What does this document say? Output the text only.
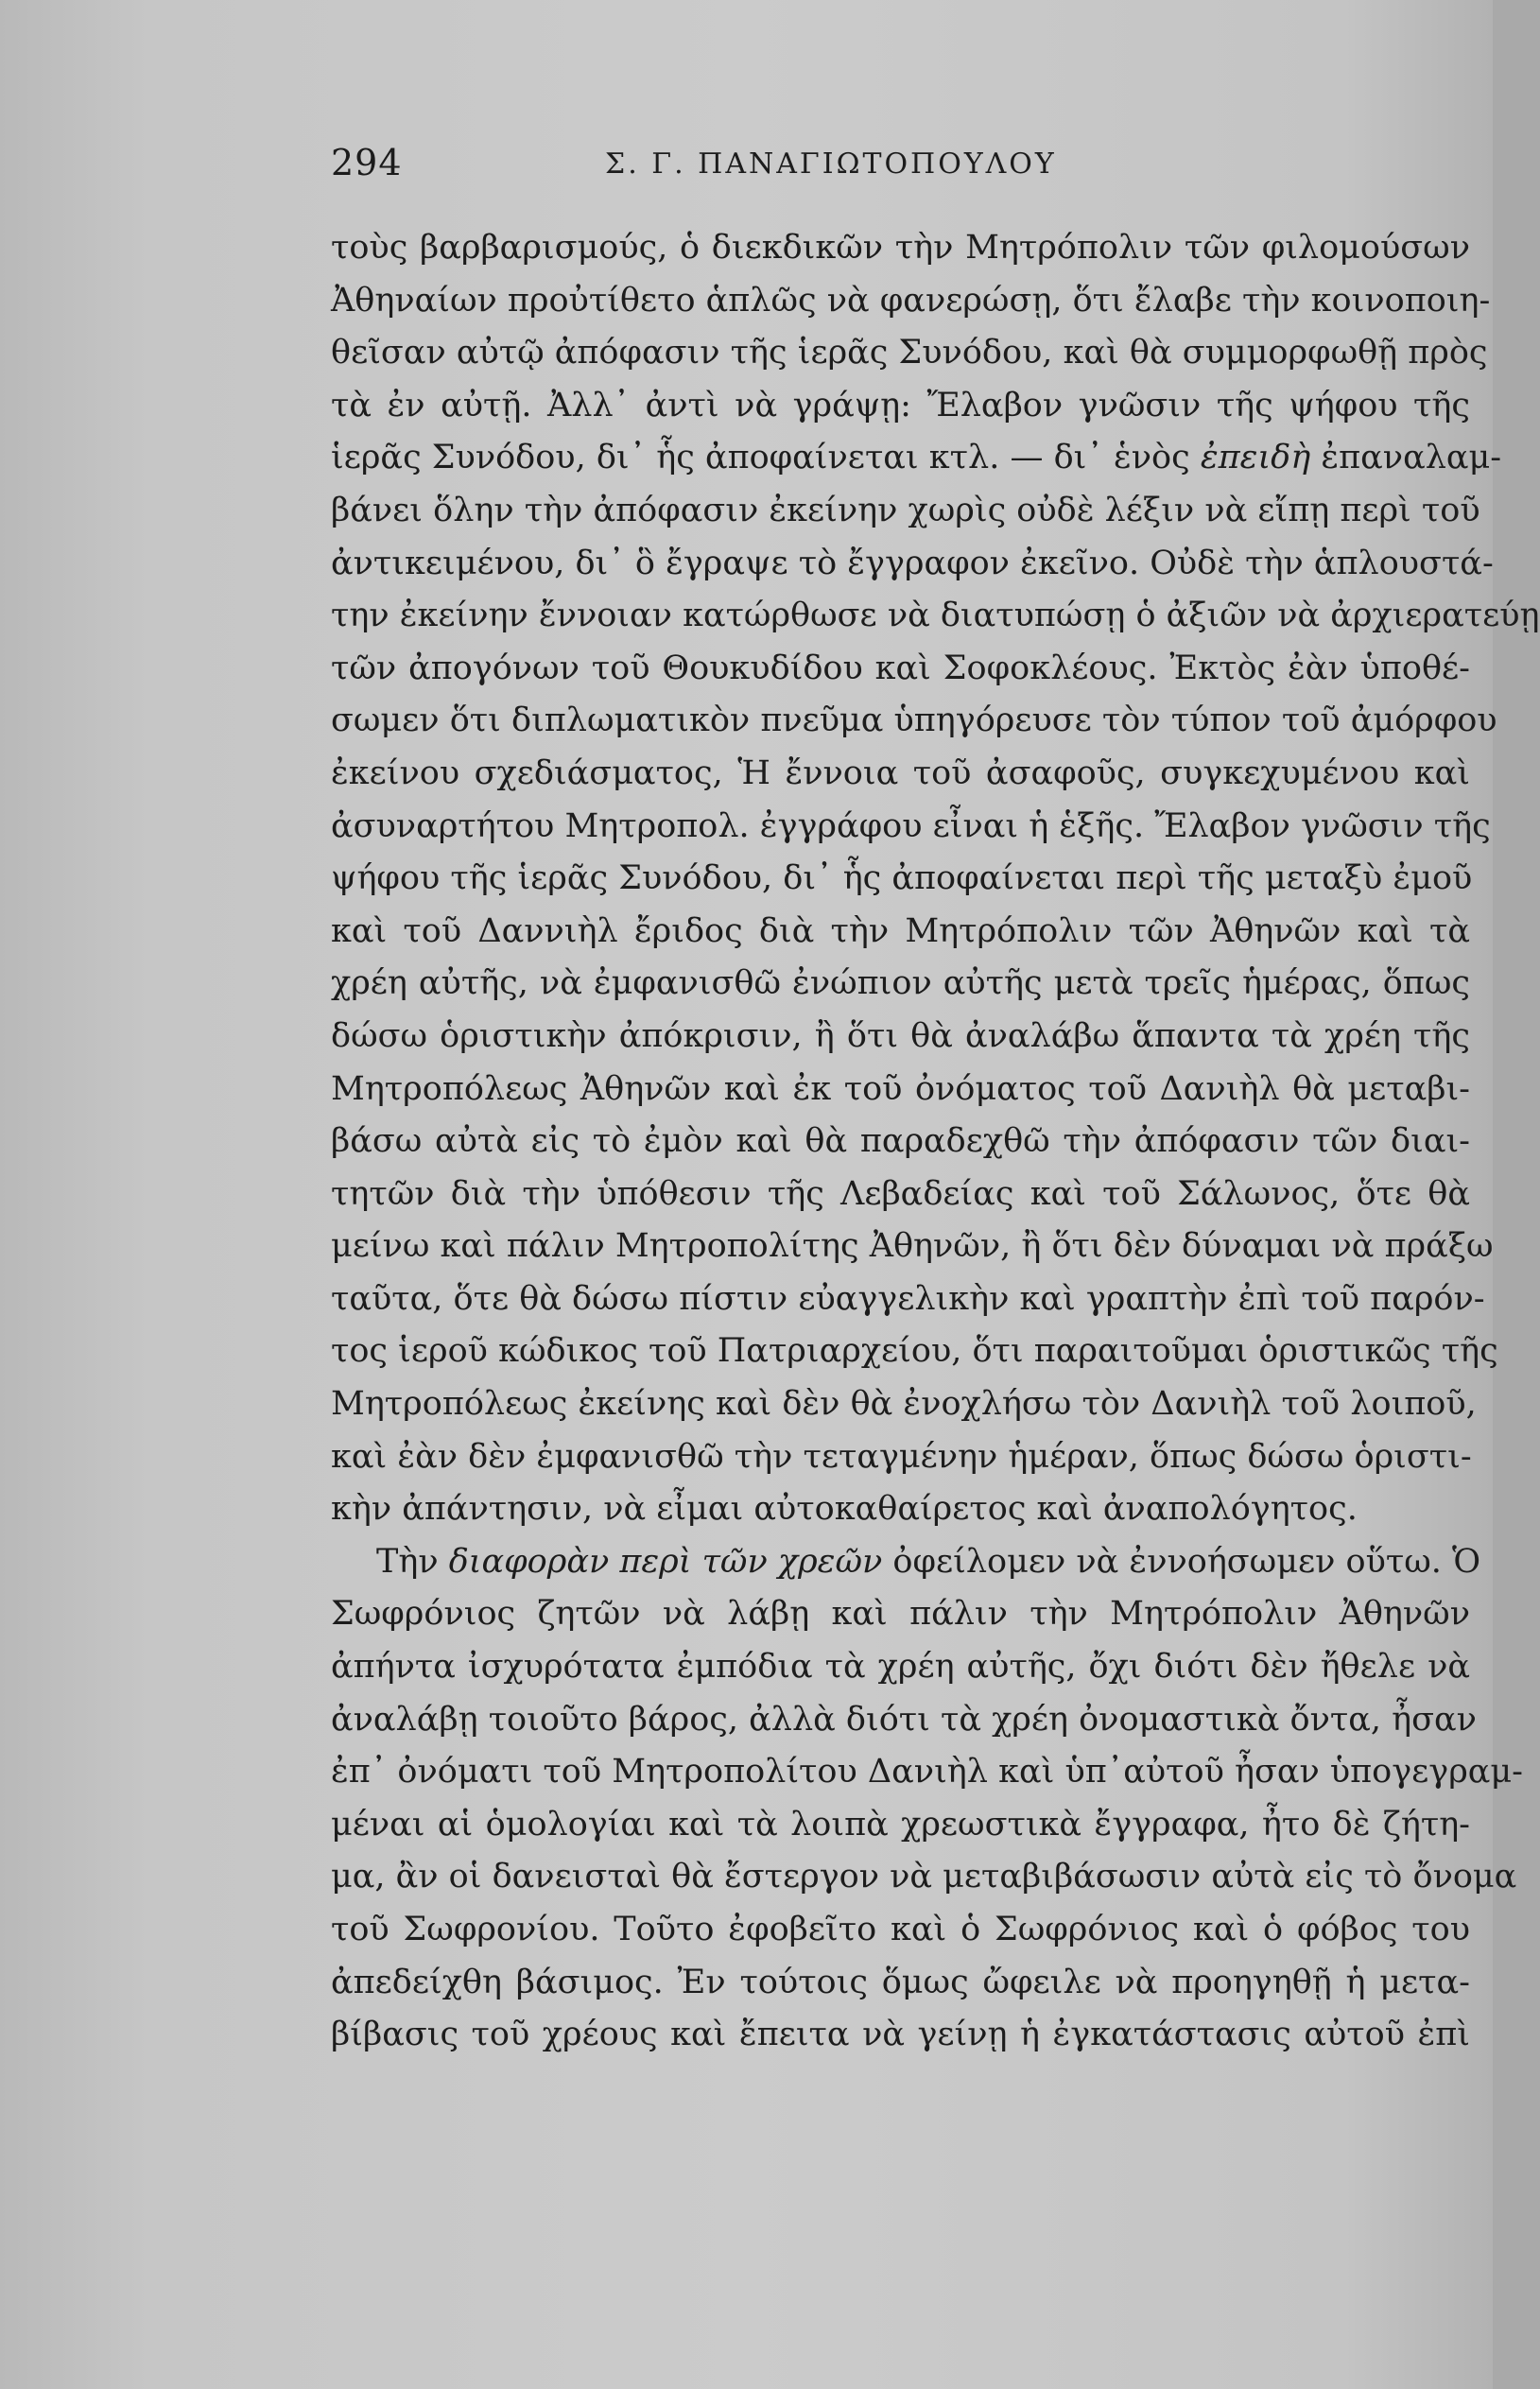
294	Σ. Γ. ΠΑΝΑΓΙΩΤΟΠΟΥΛΟΥ
τοὺς βαρβαρισμούς, ὁ διεκδικῶν τὴν Μητρόπολιν τῶν φιλομούσων
Ἀθηναίων προὐτίθετο ἁπλῶς νὰ φανερώσῃ, ὅτι ἔλαβε τὴν κοινοποιη-
θεῖσαν αὐτῷ ἀπόφασιν τῆς ἱερᾶς Συνόδου, καὶ θὰ συμμορφωθῇ πρὸς
τὰ ἐν αὐτῇ. Ἀλλ᾽ ἀντὶ νὰ γράψῃ: Ἔλαβον γνῶσιν τῆς ψήφου τῆς
ἱερᾶς Συνόδου, δι᾽ ἧς ἀποφαίνεται κτλ. — δι᾽ ἑνὸς ἐπειδὴ ἐπαναλαμ-
βάνει ὅλην τὴν ἀπόφασιν ἐκείνην χωρὶς οὐδὲ λέξιν νὰ εἴπῃ περὶ τοῦ
ἀντικειμένου, δι᾽ ὃ ἔγραψε τὸ ἔγγραφον ἐκεῖνο. Οὐδὲ τὴν ἁπλουστά-
την ἐκείνην ἔννοιαν κατώρθωσε νὰ διατυπώσῃ ὁ ἀξιῶν νὰ ἀρχιερατεύῃ
τῶν ἀπογόνων τοῦ Θουκυδίδου καὶ Σοφοκλέους. Ἐκτὸς ἐὰν ὑποθέ-
σωμεν ὅτι διπλωματικὸν πνεῦμα ὑπηγόρευσε τὸν τύπον τοῦ ἀμόρφου
ἐκείνου σχεδιάσματος, Ἡ ἔννοια τοῦ ἀσαφοῦς, συγκεχυμένου καὶ
ἀσυναρτήτου Μητροπολ. ἐγγράφου εἶναι ἡ ἑξῆς. Ἔλαβον γνῶσιν τῆς
ψήφου τῆς ἱερᾶς Συνόδου, δι᾽ ἧς ἀποφαίνεται περὶ τῆς μεταξὺ ἐμοῦ
καὶ τοῦ Δαννιὴλ ἔριδος διὰ τὴν Μητρόπολιν τῶν Ἀθηνῶν καὶ τὰ
χρέη αὐτῆς, νὰ ἐμφανισθῶ ἐνώπιον αὐτῆς μετὰ τρεῖς ἡμέρας, ὅπως
δώσω ὁριστικὴν ἀπόκρισιν, ἢ ὅτι θὰ ἀναλάβω ἅπαντα τὰ χρέη τῆς
Μητροπόλεως Ἀθηνῶν καὶ ἐκ τοῦ ὀνόματος τοῦ Δανιὴλ θὰ μεταβι-
βάσω αὐτὰ εἰς τὸ ἐμὸν καὶ θὰ παραδεχθῶ τὴν ἀπόφασιν τῶν διαι-
τητῶν διὰ τὴν ὑπόθεσιν τῆς Λεβαδείας καὶ τοῦ Σάλωνος, ὅτε θὰ
μείνω καὶ πάλιν Μητροπολίτης Ἀθηνῶν, ἢ ὅτι δὲν δύναμαι νὰ πράξω
ταῦτα, ὅτε θὰ δώσω πίστιν εὐαγγελικὴν καὶ γραπτὴν ἐπὶ τοῦ παρόν-
τος ἱεροῦ κώδικος τοῦ Πατριαρχείου, ὅτι παραιτοῦμαι ὁριστικῶς τῆς
Μητροπόλεως ἐκείνης καὶ δὲν θὰ ἐνοχλήσω τὸν Δανιὴλ τοῦ λοιποῦ,
καὶ ἐὰν δὲν ἐμφανισθῶ τὴν τεταγμένην ἡμέραν, ὅπως δώσω ὁριστι-
κὴν ἀπάντησιν, νὰ εἶμαι αὐτοκαθαίρετος καὶ ἀναπολόγητος.
Τὴν διαφορὰν περὶ τῶν χρεῶν ὀφείλομεν νὰ ἐννοήσωμεν οὕτω. Ὁ
Σωφρόνιος ζητῶν νὰ λάβῃ καὶ πάλιν τὴν Μητρόπολιν Ἀθηνῶν
ἀπήντα ἰσχυρότατα ἐμπόδια τὰ χρέη αὐτῆς, ὄχι διότι δὲν ἤθελε νὰ
ἀναλάβῃ τοιοῦτο βάρος, ἀλλὰ διότι τὰ χρέη ὀνομαστικὰ ὄντα, ἦσαν
ἐπ᾽ ὀνόματι τοῦ Μητροπολίτου Δανιὴλ καὶ ὑπ᾽αὐτοῦ ἦσαν ὑπογεγραμ-
μέναι αἱ ὁμολογίαι καὶ τὰ λοιπὰ χρεωστικὰ ἔγγραφα, ἦτο δὲ ζήτη-
μα, ἂν οἱ δανεισταὶ θὰ ἔστεργον νὰ μεταβιβάσωσιν αὐτὰ εἰς τὸ ὄνομα
τοῦ Σωφρονίου. Τοῦτο ἐφοβεῖτο καὶ ὁ Σωφρόνιος καὶ ὁ φόβος του
ἀπεδείχθη βάσιμος. Ἐν τούτοις ὅμως ὤφειλε νὰ προηγηθῇ ἡ μετα-
βίβασις τοῦ χρέους καὶ ἔπειτα νὰ γείνῃ ἡ ἐγκατάστασις αὐτοῦ ἐπὶ
